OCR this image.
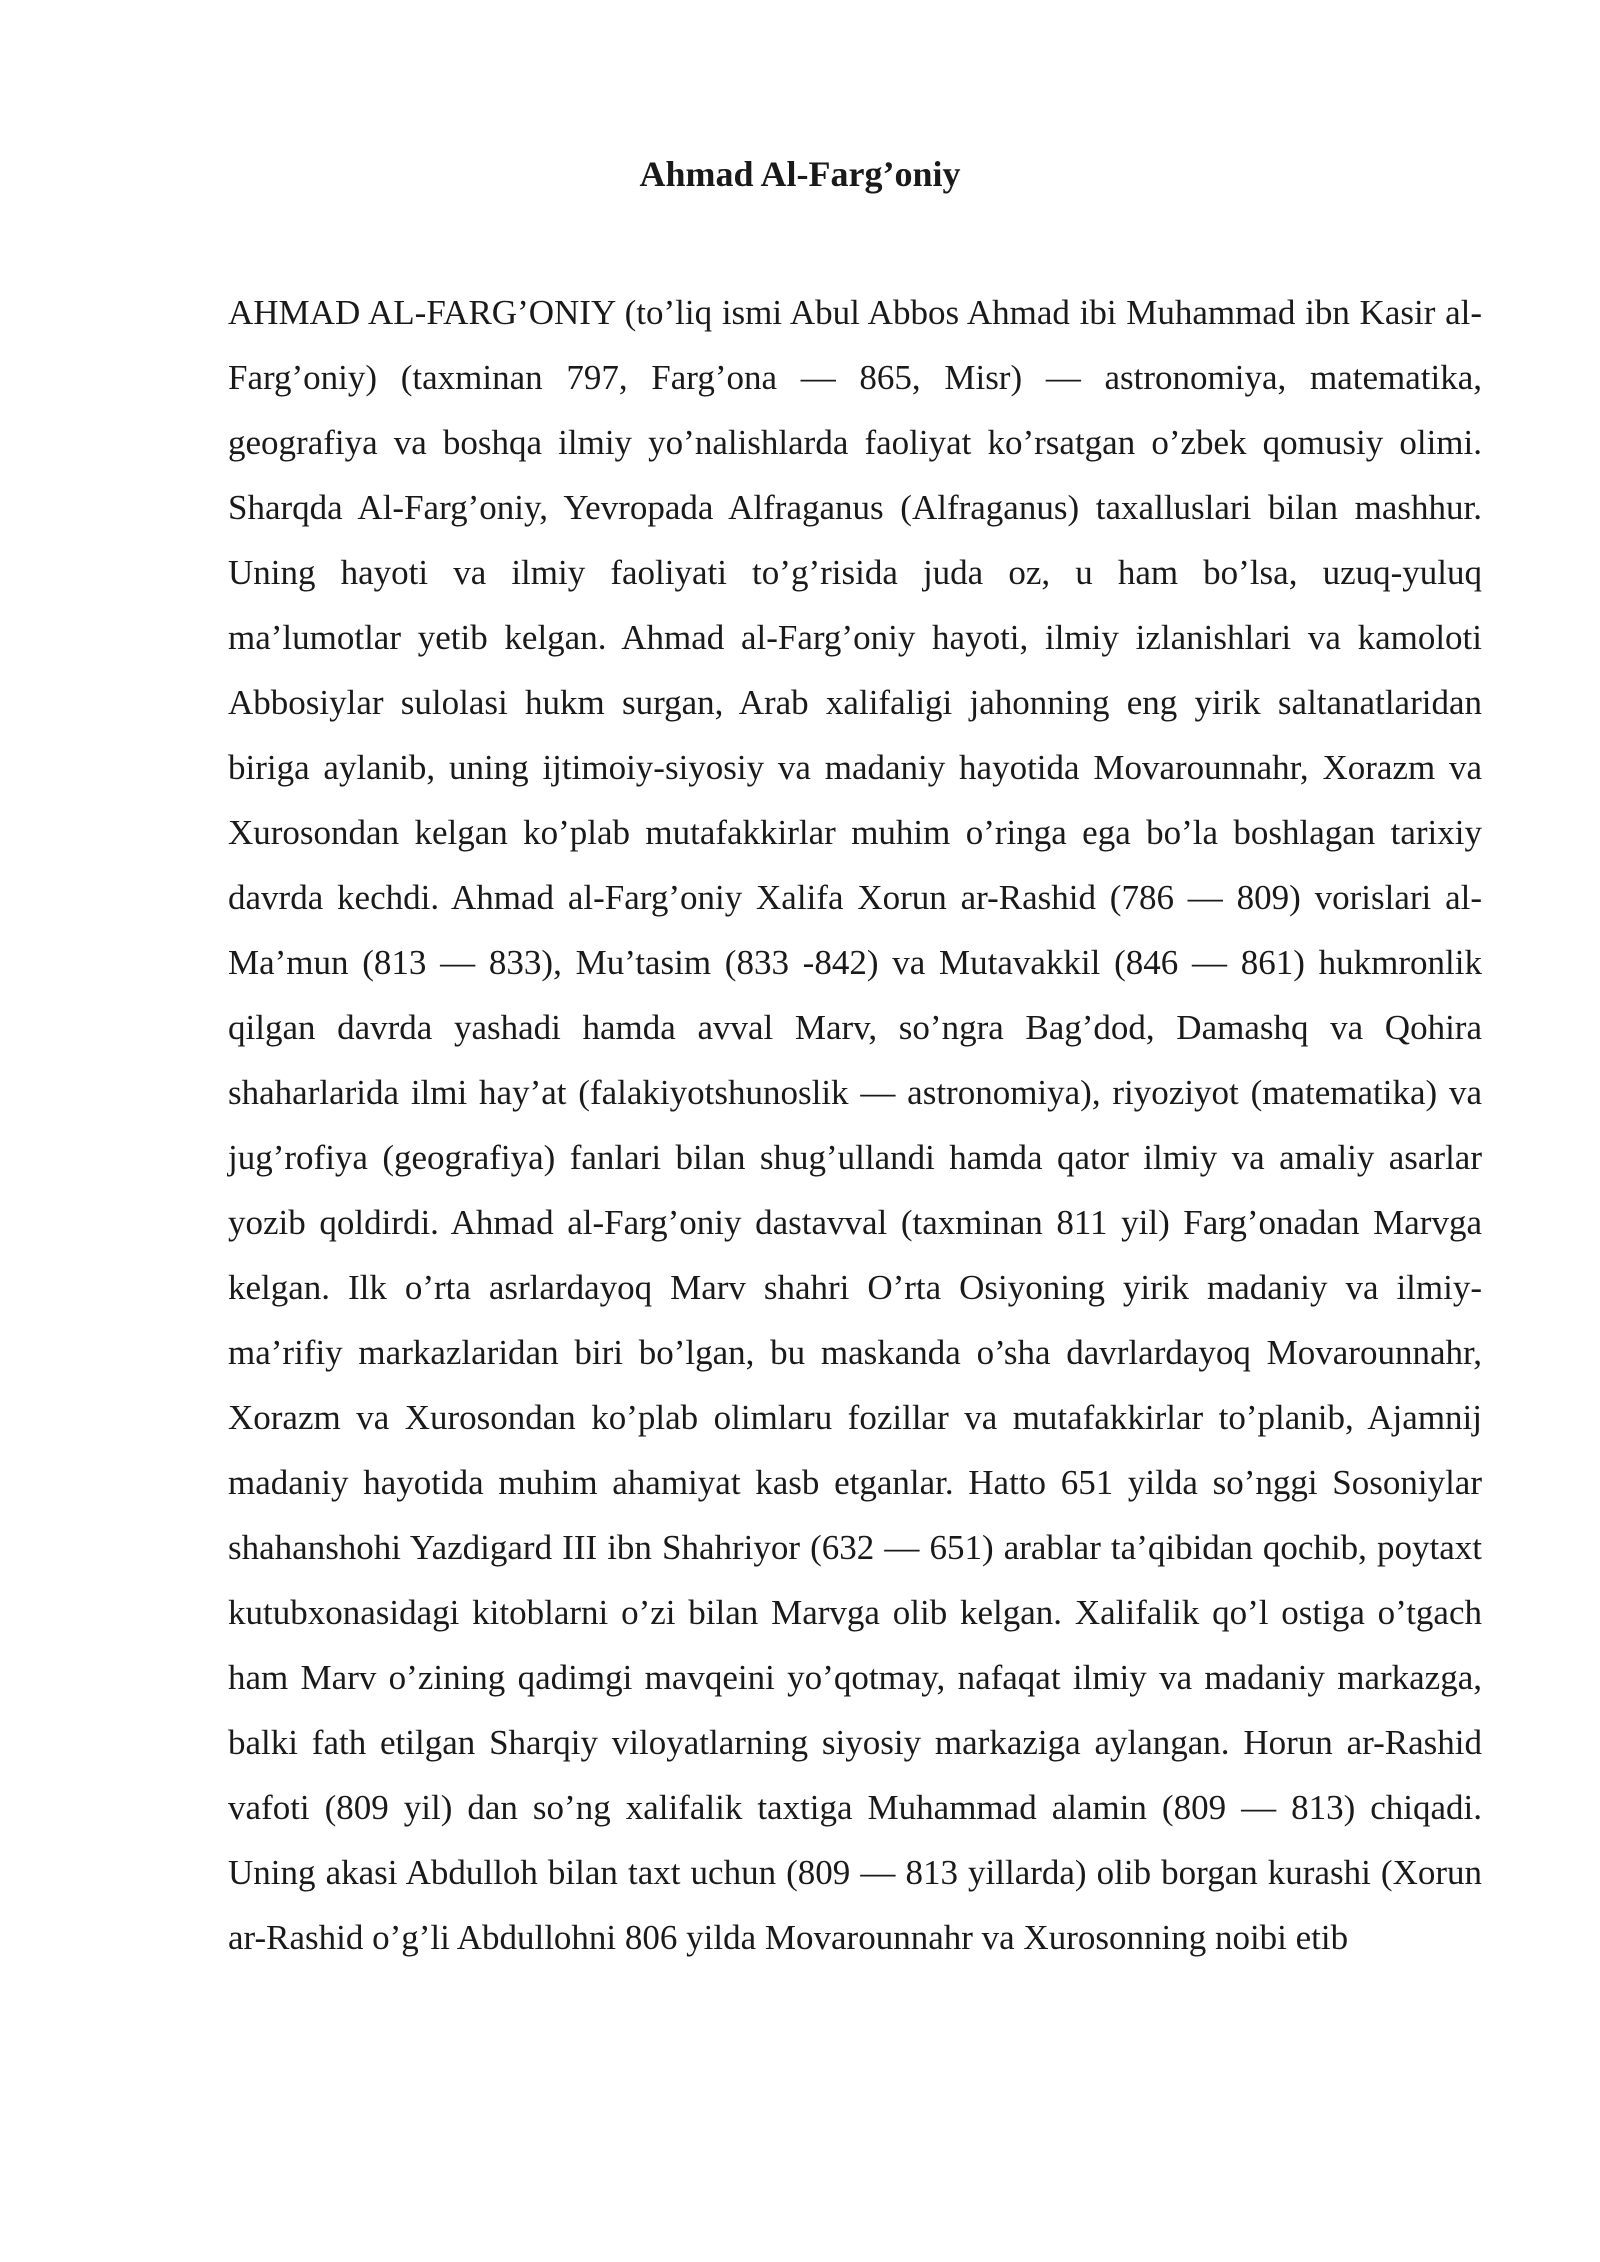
Ahmad Al-Farg’oniy

AHMAD AL-FARG’ONIY (to’liq ismi Abul Abbos Ahmad ibi Muhammad ibn Kasir al-Farg’oniy) (taxminan 797, Farg’ona — 865, Misr) — astronomiya, matematika, geografiya va boshqa ilmiy yo’nalishlarda faoliyat ko’rsatgan o’zbek qomusiy olimi. Sharqda Al-Farg’oniy, Yevropada Alfraganus (Alfraganus) taxalluslari bilan mashhur. Uning hayoti va ilmiy faoliyati to’g’risida juda oz, u ham bo’lsa, uzuq-yuluq ma’lumotlar yetib kelgan. Ahmad al-Farg’oniy hayoti, ilmiy izlanishlari va kamoloti Abbosiylar sulolasi hukm surgan, Arab xalifaligi jahonning eng yirik saltanatlaridan biriga aylanib, uning ijtimoiy-siyosiy va madaniy hayotida Movarounnahr, Xorazm va Xurosondan kelgan ko’plab mutafakkirlar muhim o’ringa ega bo’la boshlagan tarixiy davrda kechdi. Ahmad al-Farg’oniy Xalifa Xorun ar-Rashid (786 — 809) vorislari al-Ma’mun (813 — 833), Mu’tasim (833 -842) va Mutavakkil (846 — 861) hukmronlik qilgan davrda yashadi hamda avval Marv, so’ngra Bag’dod, Damashq va Qohira shaharlarida ilmi hay’at (falakiyotshunoslik — astronomiya), riyoziyot (matematika) va jug’rofiya (geografiya) fanlari bilan shug’ullandi hamda qator ilmiy va amaliy asarlar yozib qoldirdi. Ahmad al-Farg’oniy dastavval (taxminan 811 yil) Farg’onadan Marvga kelgan. Ilk o’rta asrlardayoq Marv shahri O’rta Osiyoning yirik madaniy va ilmiy-ma’rifiy markazlaridan biri bo’lgan, bu maskanda o’sha davrlardayoq Movarounnahr, Xorazm va Xurosondan ko’plab olimlaru fozillar va mutafakkirlar to’planib, Ajamnij madaniy hayotida muhim ahamiyat kasb etganlar. Hatto 651 yilda so’nggi Sosoniylar shahanshohi Yazdigard III ibn Shahriyor (632 — 651) arablar ta’qibidan qochib, poytaxt kutubxonasidagi kitoblarni o’zi bilan Marvga olib kelgan. Xalifalik qo’l ostiga o’tgach ham Marv o’zining qadimgi mavqeini yo’qotmay, nafaqat ilmiy va madaniy markazga, balki fath etilgan Sharqiy viloyatlarning siyosiy markaziga aylangan. Horun ar-Rashid vafoti (809 yil) dan so’ng xalifalik taxtiga Muhammad alamin (809 — 813) chiqadi. Uning akasi Abdulloh bilan taxt uchun (809 — 813 yillarda) olib borgan kurashi (Xorun ar-Rashid o’g’li Abdullohni 806 yilda Movarounnahr va Xurosonning noibi etib
